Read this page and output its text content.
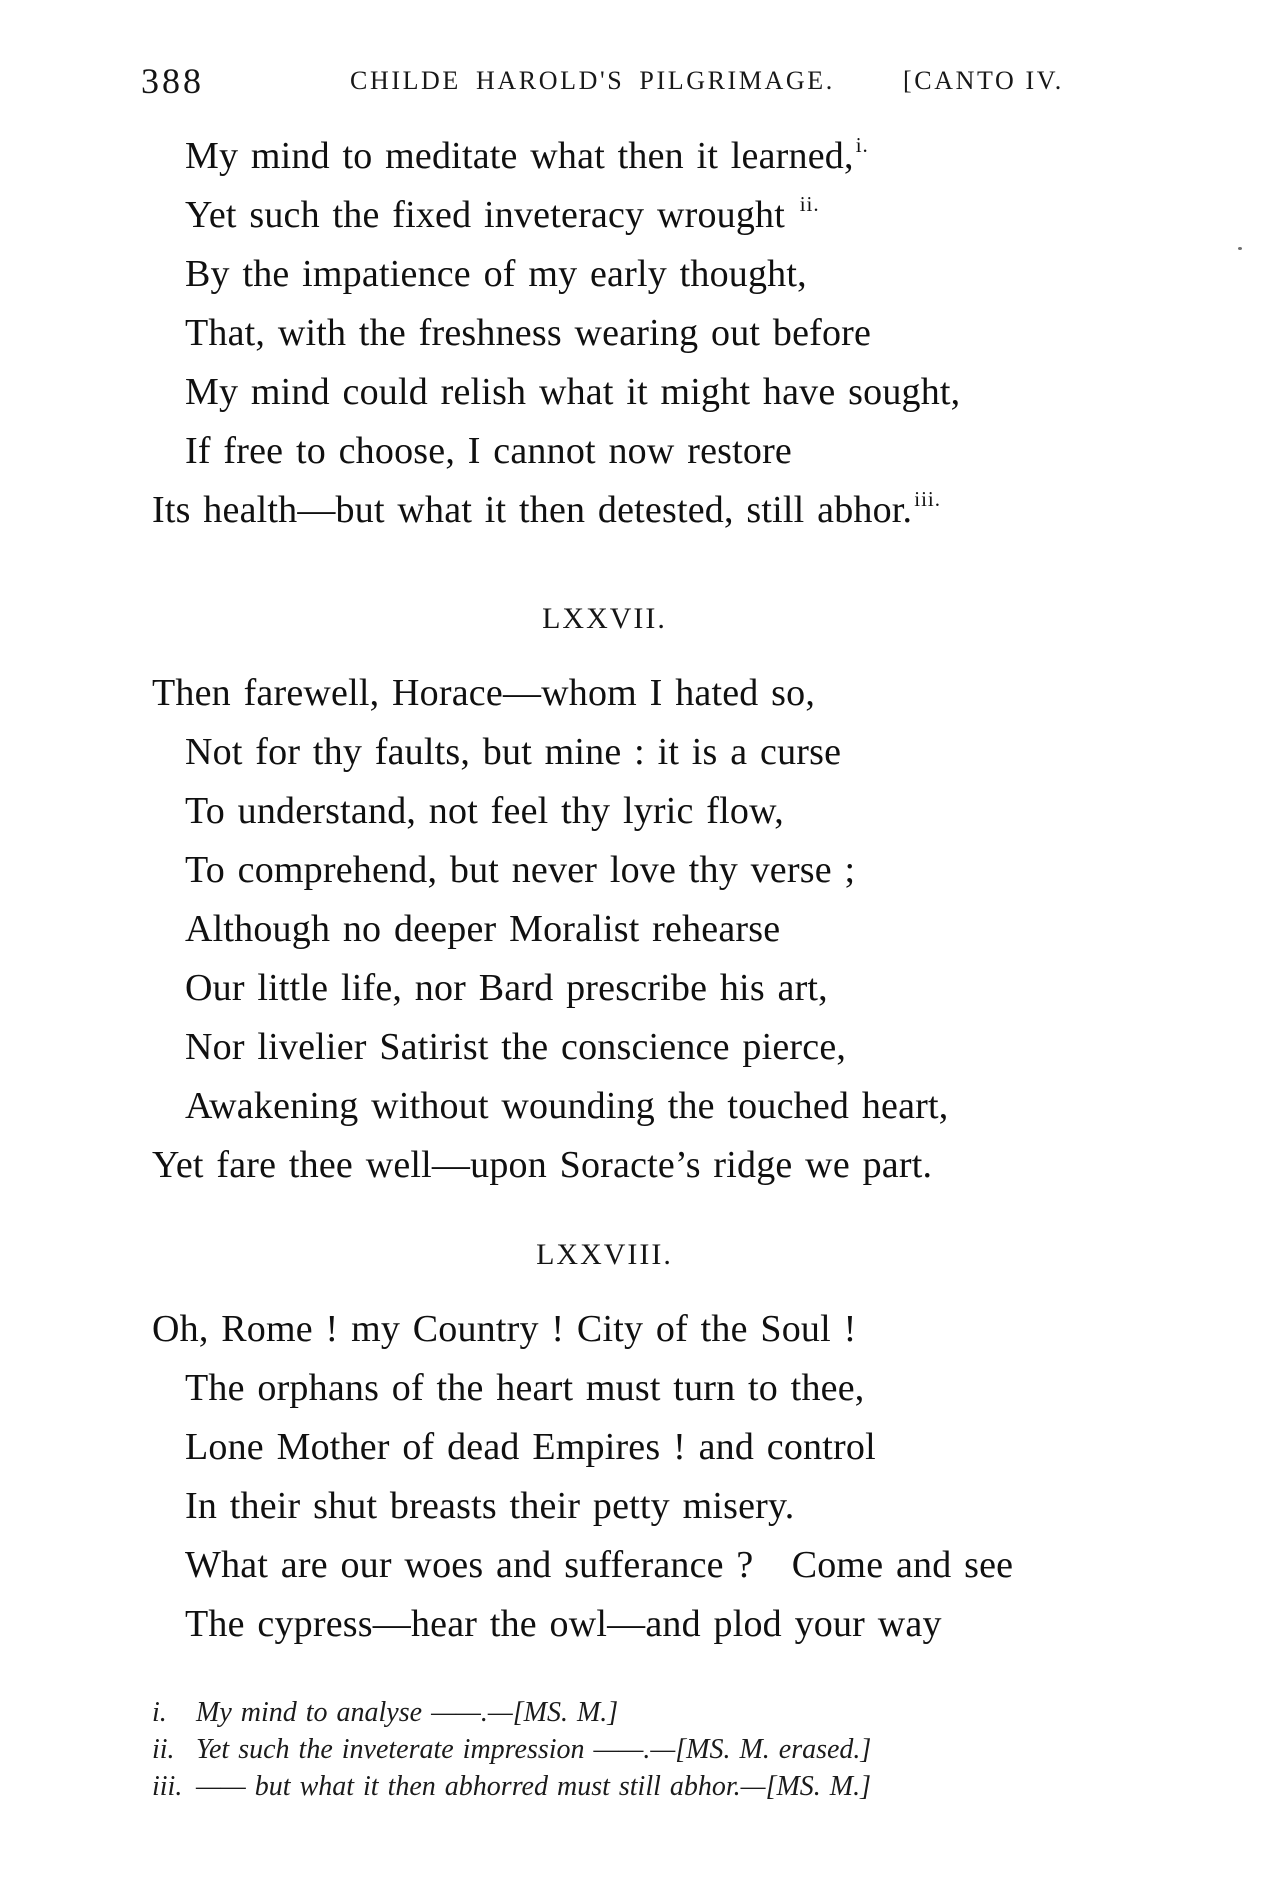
388	CHILDE HAROLD'S PILGRIMAGE.	[CANTO IV.
My mind to meditate what then it learned,$^{i.}$
Yet such the fixed inveteracy wrought $^{ii.}$
By the impatience of my early thought,
That, with the freshness wearing out before
My mind could relish what it might have sought,
If free to choose, I cannot now restore
Its health—but what it then detested, still abhor.$^{iii.}$
LXXVII.
Then farewell, Horace—whom I hated so,
Not for thy faults, but mine : it is a curse
To understand, not feel thy lyric flow,
To comprehend, but never love thy verse ;
Although no deeper Moralist rehearse
Our little life, nor Bard prescribe his art,
Nor livelier Satirist the conscience pierce,
Awakening without wounding the touched heart,
Yet fare thee well—upon Soracte’s ridge we part.
LXXVIII.
Oh, Rome ! my Country ! City of the Soul !
The orphans of the heart must turn to thee,
Lone Mother of dead Empires ! and control
In their shut breasts their petty misery.
What are our woes and sufferance ? Come and see
The cypress—hear the owl—and plod your way
i. My mind to analyse ——.—[MS. M.]
ii. Yet such the inveterate impression ——.—[MS. M. erased.]
iii. —— but what it then abhorred must still abhor.—[MS. M.]
